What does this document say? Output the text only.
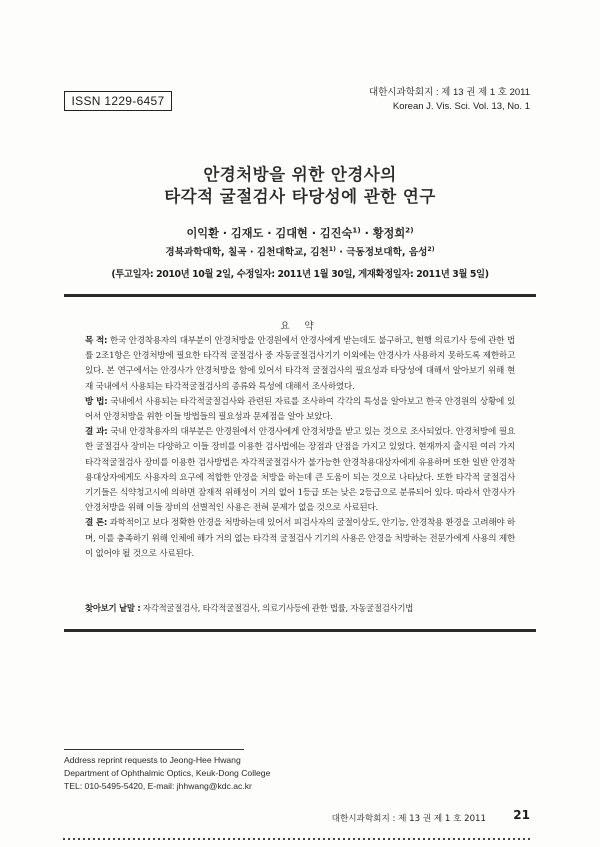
ISSN 1229-6457
대한시과학회지 : 제 13 권 제 1 호 2011
Korean J. Vis. Sci. Vol. 13, No. 1
안경처방을 위한 안경사의
타각적 굴절검사 타당성에 관한 연구
이익환 · 김재도 · 김대현 · 김진숙$^{1)}$ · 황정희$^{2)}$
경북과학대학, 칠곡 · 김천대학교, 김천$^{1)}$ · 극동정보대학, 음성$^{2)}$
(투고일자: 2010년 10월 2일, 수정일자: 2011년 1월 30일, 게재확정일자: 2011년 3월 5일)
요 약

목 적: 한국 안경착용자의 대부분이 안경처방을 안경원에서 안경사에게 받는데도 불구하고, 현행 의료기사 등에 관한 법률 2조1항은 안경처방에 필요한 타각적 굴절검사 중 자동굴절검사기기 이외에는 안경사가 사용하지 못하도록 제한하고 있다. 본 연구에서는 안경사가 안경처방을 함에 있어서 타각적 굴절검사의 필요성과 타당성에 대해서 알아보기 위해 현재 국내에서 사용되는 타각적굴절검사의 종류와 특성에 대해서 조사하였다.

방 법: 국내에서 사용되는 타각적굴절검사와 관련된 자료를 조사하여 각각의 특성을 알아보고 한국 안경원의 상황에 있어서 안경처방을 위한 이들 방법들의 필요성과 문제점을 알아 보았다.

결 과: 국내 안경착용자의 대부분은 안경원에서 안경사에게 안경처방을 받고 있는 것으로 조사되었다. 안경처방에 필요한 굴절검사 장비는 다양하고 이들 장비를 이용한 검사법에는 장점과 단점을 가지고 있었다. 현재까지 출시된 여러 가지 타각적굴절검사 장비를 이용한 검사방법은 자각적굴절검사가 불가능한 안경착용대상자에게 유용하며 또한 일반 안경착용대상자에게도 사용자의 요구에 적합한 안경을 처방을 하는데 큰 도움이 되는 것으로 나타났다. 또한 타각적 굴절검사기기들은 식약청고시에 의하면 잠재적 위해성이 거의 없어 1등급 또는 낮은 2등급으로 분류되어 있다. 따라서 안경사가 안경처방을 위해 이들 장비의 선별적인 사용은 전혀 문제가 없을 것으로 사료된다.

결 론: 과학적이고 보다 정확한 안경을 처방하는데 있어서 피검사자의 굴절이상도, 안기능, 안경착용 환경을 고려해야 하며, 이를 충족하기 위해 인체에 해가 거의 없는 타각적 굴절검사 기기의 사용은 안경을 처방하는 전문가에게 사용의 제한이 없어야 될 것으로 사료된다.

찾아보기 낱말 : 자각적굴절검사, 타각적굴절검사, 의료기사등에 관한 법률, 자동굴절검사기법
Address reprint requests to Jeong-Hee Hwang
Department of Ophthalmic Optics, Keuk-Dong College
TEL: 010-5495-5420, E-mail: jhhwang@kdc.ac.kr
대한시과학회지 : 제 13 권 제 1 호 2011 21
